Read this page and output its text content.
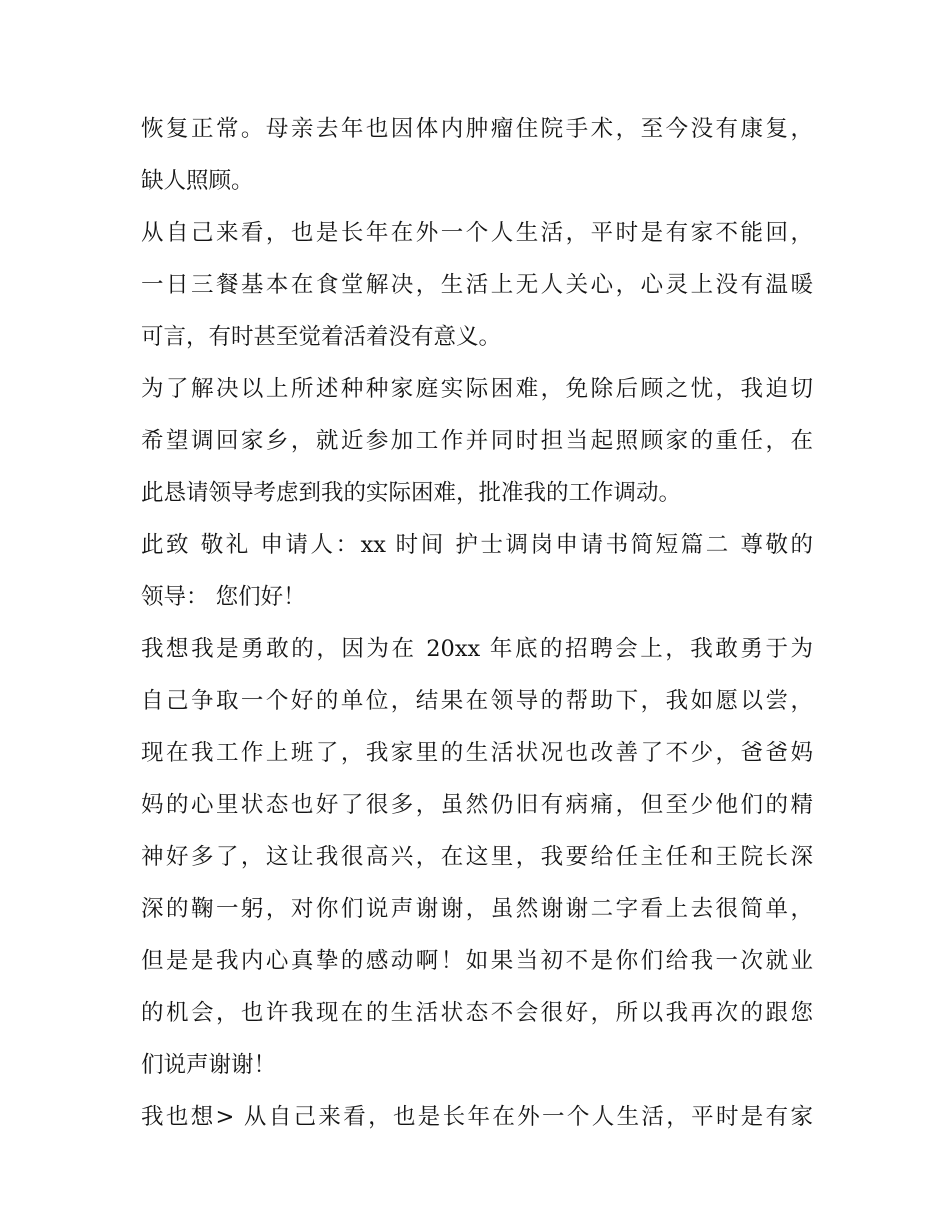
恢复正常。母亲去年也因体内肿瘤住院手术，至今没有康复，
缺人照顾。
从自己来看，也是长年在外一个人生活，平时是有家不能回，
一日三餐基本在食堂解决，生活上无人关心，心灵上没有温暖
可言，有时甚至觉着活着没有意义。
为了解决以上所述种种家庭实际困难，免除后顾之忧，我迫切
希望调回家乡，就近参加工作并同时担当起照顾家的重任，在
此恳请领导考虑到我的实际困难，批准我的工作调动。
此致 敬礼 申请人：xx 时间 护士调岗申请书简短篇二 尊敬的
领导： 您们好！
我想我是勇敢的，因为在 20xx 年底的招聘会上，我敢勇于为
自己争取一个好的单位，结果在领导的帮助下，我如愿以尝，
现在我工作上班了，我家里的生活状况也改善了不少，爸爸妈
妈的心里状态也好了很多，虽然仍旧有病痛，但至少他们的精
神好多了，这让我很高兴，在这里，我要给任主任和王院长深
深的鞠一躬，对你们说声谢谢，虽然谢谢二字看上去很简单，
但是是我内心真挚的感动啊！如果当初不是你们给我一次就业
的机会，也许我现在的生活状态不会很好，所以我再次的跟您
们说声谢谢！
我也想> 从自己来看，也是长年在外一个人生活，平时是有家
